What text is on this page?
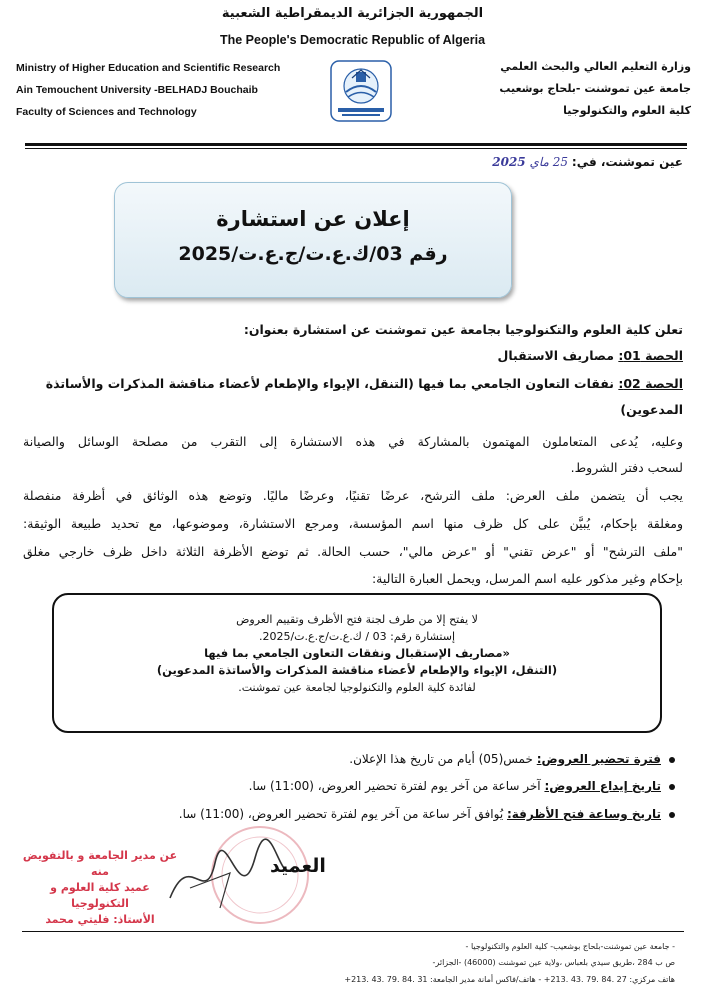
الجمهورية الجزائرية الديمقراطية الشعبية
The People's Democratic Republic of Algeria
Ministry of Higher Education and Scientific Research
Ain Temouchent University -BELHADJ Bouchaib
Faculty of Sciences and Technology
وزارة التعليم العالي والبحث العلمي
جامعة عين تموشنت -بلحاج بوشعيب
كلية العلوم والتكنولوجيا
عين تموشنت، في: 25 ماي 2025
إعلان عن استشارة
رقم 03/ك.ع.ت/ج.ع.ت/2025
تعلن كلية العلوم والتكنولوجيا بجامعة عين تموشنت عن استشارة بعنوان:
الحصة 01: مصاريف الاستقبال
الحصة 02: نفقات التعاون الجامعي بما فيها (التنقل، الإيواء والإطعام لأعضاء مناقشة المذكرات والأساتذة
المدعوين)
وعليه، يُدعى المتعاملون المهتمون بالمشاركة في هذه الاستشارة إلى التقرب من مصلحة الوسائل والصيانة
لسحب دفتر الشروط.
يجب أن يتضمن ملف العرض: ملف الترشح، عرضًا تقنيًا، وعرضًا ماليًا. وتوضع هذه الوثائق في أظرفة منفصلة
ومغلقة بإحكام، يُبيَّن على كل ظرف منها اسم المؤسسة، ومرجع الاستشارة، وموضوعها، مع تحديد طبيعة الوثيقة:
"ملف الترشح" أو "عرض تقني" أو "عرض مالي"، حسب الحالة. ثم توضع الأظرفة الثلاثة داخل ظرف خارجي مغلق
بإحكام وغير مذكور عليه اسم المرسل، ويحمل العبارة التالية:
لا يفتح إلا من طرف لجنة فتح الأظرف وتقييم العروض
إستشارة رقم: 03 / ك.ع.ت/ج.ع.ت/2025.
«مصاريف الإستقبال ونفقات التعاون الجامعي بما فيها
(التنقل، الإيواء والإطعام لأعضاء مناقشة المذكرات والأساتذة المدعوين)
لفائدة كلية العلوم والتكنولوجيا لجامعة عين تموشنت.
فترة تحضير العروض: خمس(05) أيام من تاريخ هذا الإعلان.
تاريخ إيداع العروض: آخر ساعة من آخر يوم لفترة تحضير العروض، (11:00) سا.
تاريخ وساعة فتح الأظرفة: يُوافق آخر ساعة من آخر يوم لفترة تحضير العروض، (11:00) سا.
العميد
عن مدير الجامعة و بالتفويض منه
عميد كلية العلوم و التكنولوجيا
الأستاذ: فليتي محمد
- جامعة عين تموشنت-بلحاج بوشعيب- كلية العلوم والتكنولوجيا -
ص ب 284 ،طريق سيدي بلعباس ،ولاية عين تموشنت (46000) -الجزائر-
هاتف مركزي: 27 .84 .79 .43 .213+ - هاتف/فاكس أمانة مدير الجامعة: 31 .84 .79 .43 .213+
